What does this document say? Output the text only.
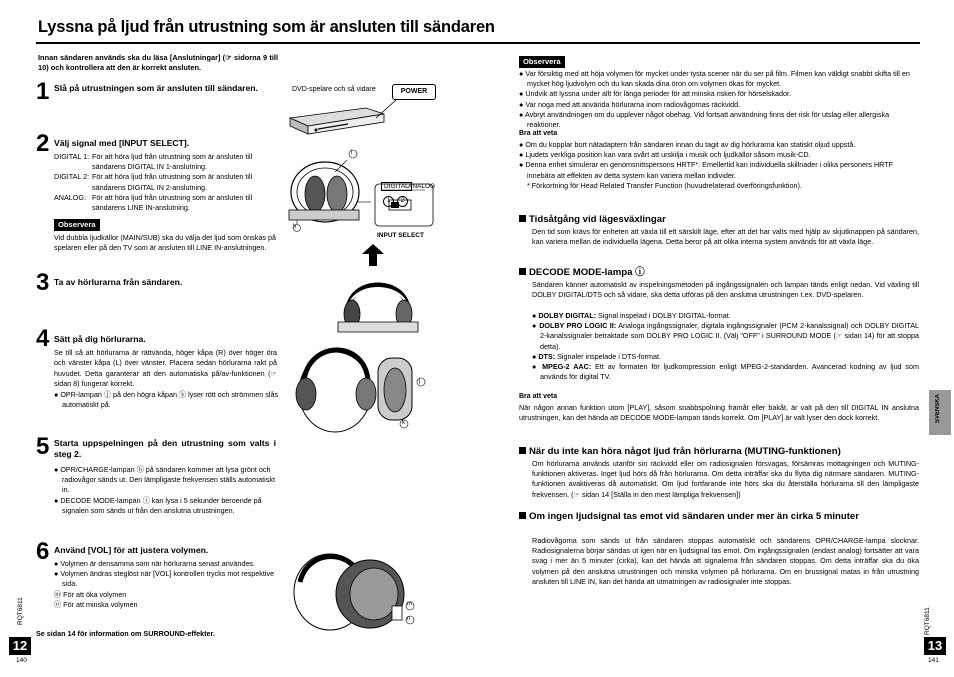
Lyssna på ljud från utrustning som är ansluten till sändaren
Innan sändaren används ska du läsa [Anslutningar] (☞ sidorna 9 till 10) och kontrollera att den är korrekt ansluten.
1 Slå på utrustningen som är ansluten till sändaren.
2 Välj signal med [INPUT SELECT].
DIGITAL 1: För att höra ljud från utrustning som är ansluten till sändarens DIGITAL IN 1-anslutning.
DIGITAL 2: För att höra ljud från utrustning som är ansluten till sändarens DIGITAL IN 2-anslutning.
ANALOG: För att höra ljud från utrustning som är ansluten till sändarens LINE IN-anslutning.
Observera
Vid dubbla ljudkällor (MAIN/SUB) ska du välja det ljud som önskas på spelaren eller på den TV som är ansluten till LINE IN-anslutningen.
3 Ta av hörlurarna från sändaren.
4 Sätt på dig hörlurarna.
Se till så att hörlurarna är rättvända, höger kåpa (R) över höger öra och vänster kåpa (L) över vänster. Placera sedan hörlurarna rakt på huvudet. Detta garanterar att den automatiska på/av-funktionen (☞ sidan 8) fungerar korrekt.
● OPR-lampan ⓙ på den högra kåpan ⓚ lyser rött och strömmen slås automatiskt på.
5 Starta uppspelningen på den utrustning som valts i steg 2.
● OPR/CHARGE-lampan ⓗ på sändaren kommer att lysa grönt och radiovågor sänds ut. Den lämpligaste frekvensen ställs automatiskt in.
● DECODE MODE-lampan ⓘ kan lysa i 5 sekunder beroende på signalen som sänds ut från den anslutna utrustningen.
6 Använd [VOL] för att justera volymen.
● Volymen är densamma som när hörlurarna senast användes.
● Volymen ändras steglöst när [VOL] kontrollen trycks mot respektive sida.
ⓜ För att öka volymen
ⓝ För att minska volymen
Se sidan 14 för information om SURROUND-effekter.
RQT6811
12
140
DVD-spelare och så vidare	POWER
DIGITAL ANALOG
1	2
INPUT SELECT
h
i
j
k
m
n
Observera
● Var försiktig med att höja volymen för mycket under tysta scener när du ser på film. Filmen kan väldigt snabbt skifta till en mycket hög ljudvolym och du kan skada dina öron om volymen ökas för mycket.
● Undvik att lyssna under allt för länga perioder för att minska risken för hörselskador.
● Var noga med att använda hörlurarna inom radiovågornas räckvidd.
● Avbryt användningen om du upplever något obehag. Vid fortsatt användning finns det risk för utslag eller allergiska reaktioner.
Bra att veta
● Om du kopplar bort nätadaptern från sändaren innan du tagit av dig hörlurarna kan statiskt oljud uppstå.
● Ljudets verkliga position kan vara svårt att urskilja i musik och ljudkällor såsom musik-CD.
● Denna enhet simulerar en genomsnittspersons HRTF*. Emellertid kan individuella skillnader i olika personers HRTF innebära att effekten av detta system kan variera mellan individer.
* Förkortning för Head Related Transfer Function (huvudrelaterad överföringsfunktion).
Tidsåtgång vid lägesväxlingar
Den tid som krävs för enheten att växla till ett särskilt läge, efter att det har valts med hjälp av skjutknappen på sändaren, kan variera mellan de individuella lägena. Detta beror på att olika interna system används för att växla läge.
DECODE MODE-lampa ⓘ
Sändaren känner automatiskt av inspelningsmetoden på ingångssignalen och lampan tänds enligt nedan. Vid växling till DOLBY DIGITAL/DTS och så vidare, ska detta utföras på den anslutna utrustningen t.ex. DVD-spelaren.
● DOLBY DIGITAL: Signal inspelad i DOLBY DIGITAL-format.
● DOLBY PRO LOGIC II: Analoga ingångssignaler, digitala ingångssignaler (PCM 2-kanalssignal) och DOLBY DIGITAL 2-kanalssignaler betraktade som DOLBY PRO LOGIC II. (Välj "OFF" i SURROUND MODE (☞ sidan 14) för att stoppa detta).
● DTS: Signaler inspelade i DTS-format.
● MPEG-2 AAC: Ett av formaten för ljudkompression enligt MPEG-2-standarden. Avancerad kodning av ljud som används för digital TV.
Bra att veta
När någon annan funktion utom [PLAY], såsom snabbspolning framåt eller bakåt, är valt på den till DIGITAL IN anslutna utrustningen, kan det hända att DECODE MODE-lampan tänds korrekt. Om [PLAY] är valt lyser den dock korrekt.
När du inte kan höra något ljud från hörlurarna (MUTING-funktionen)
Om hörlurarna används utanför sin räckvidd eller om radiosignalen försvagas, försämras mottagningen och MUTING-funktionen aktiveras. Inget ljud hörs då från hörlurarna. Om detta inträffar ska du flytta dig närmare sändaren. MUTING-funktionen avaktiveras då automatiskt. Om ljud fortfarande inte hörs ska du återställa hörlurarna till den lämpligaste frekvensen. (☞ sidan 14 [Ställa in den mest lämpliga frekvensen])
Om ingen ljudsignal tas emot vid sändaren under mer än cirka 5 minuter
Radiovågorna som sänds ut från sändaren stoppas automatiskt och sändarens OPR/CHARGE-lampa slocknar. Radiosignalerna börjar sändas ut igen när en ljudsignal tas emot. Om ingångssignalen (endast analog) fortsätter att vara svag i mer än 5 minuter (cirka), kan det hända att signalerna från sändaren stoppas. Om detta inträffar ska du öka volymen på den anslutna utrustningen och minska volymen på hörlurarna. Om en brussignal matas in från utrustning ansluten till LINE IN, kan det hända att utmatningen av radiosignaler inte stoppas.
SVENSKA
RQT6811
13
141
